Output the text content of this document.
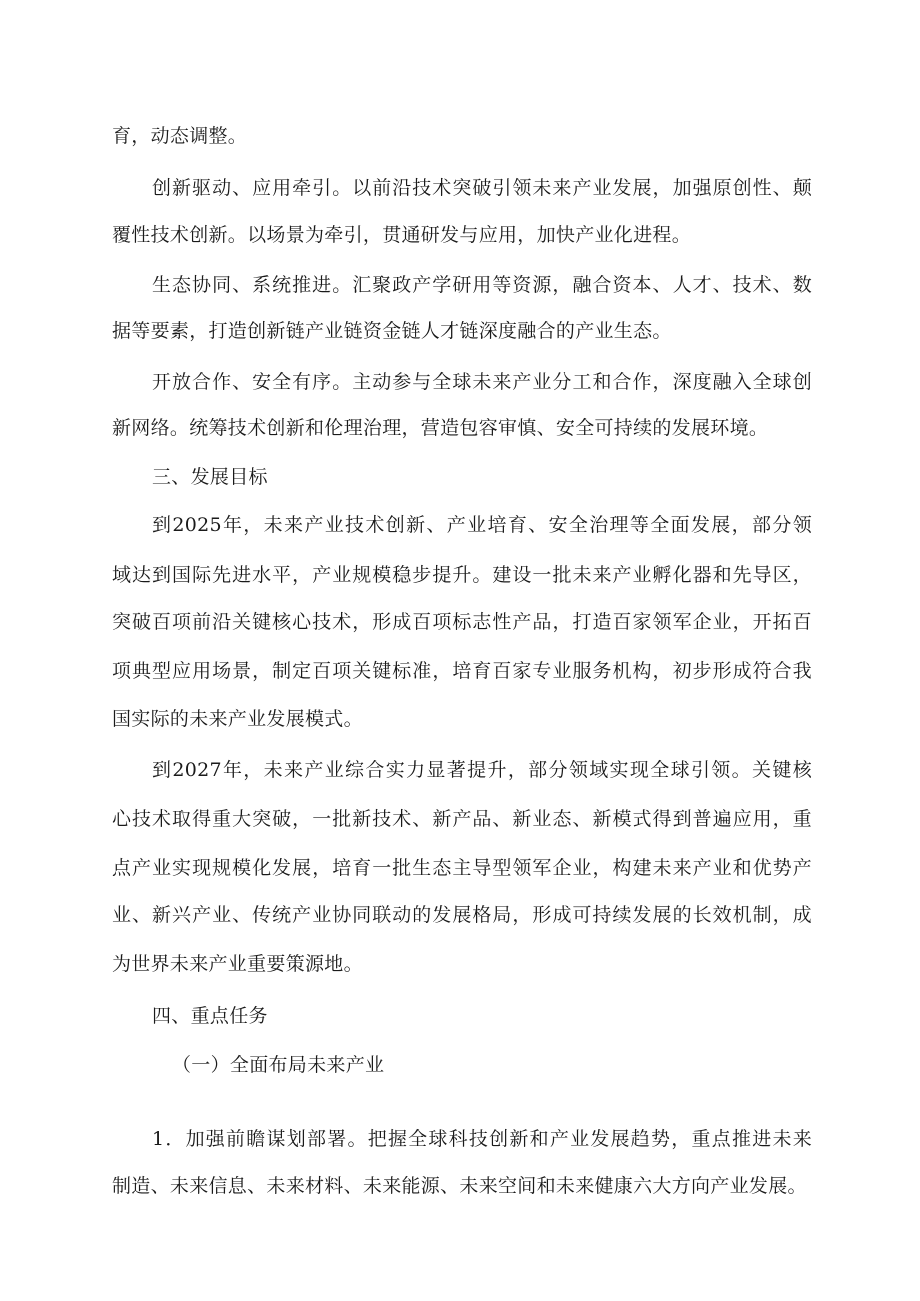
育，动态调整。
创新驱动、应用牵引。以前沿技术突破引领未来产业发展，加强原创性、颠
覆性技术创新。以场景为牵引，贯通研发与应用，加快产业化进程。
生态协同、系统推进。汇聚政产学研用等资源，融合资本、人才、技术、数
据等要素，打造创新链产业链资金链人才链深度融合的产业生态。
开放合作、安全有序。主动参与全球未来产业分工和合作，深度融入全球创
新网络。统筹技术创新和伦理治理，营造包容审慎、安全可持续的发展环境。
三、发展目标
到2025年，未来产业技术创新、产业培育、安全治理等全面发展，部分领
域达到国际先进水平，产业规模稳步提升。建设一批未来产业孵化器和先导区，
突破百项前沿关键核心技术，形成百项标志性产品，打造百家领军企业，开拓百
项典型应用场景，制定百项关键标准，培育百家专业服务机构，初步形成符合我
国实际的未来产业发展模式。
到2027年，未来产业综合实力显著提升，部分领域实现全球引领。关键核
心技术取得重大突破，一批新技术、新产品、新业态、新模式得到普遍应用，重
点产业实现规模化发展，培育一批生态主导型领军企业，构建未来产业和优势产
业、新兴产业、传统产业协同联动的发展格局，形成可持续发展的长效机制，成
为世界未来产业重要策源地。
四、重点任务
（一）全面布局未来产业
1．加强前瞻谋划部署。把握全球科技创新和产业发展趋势，重点推进未来
制造、未来信息、未来材料、未来能源、未来空间和未来健康六大方向产业发展。
